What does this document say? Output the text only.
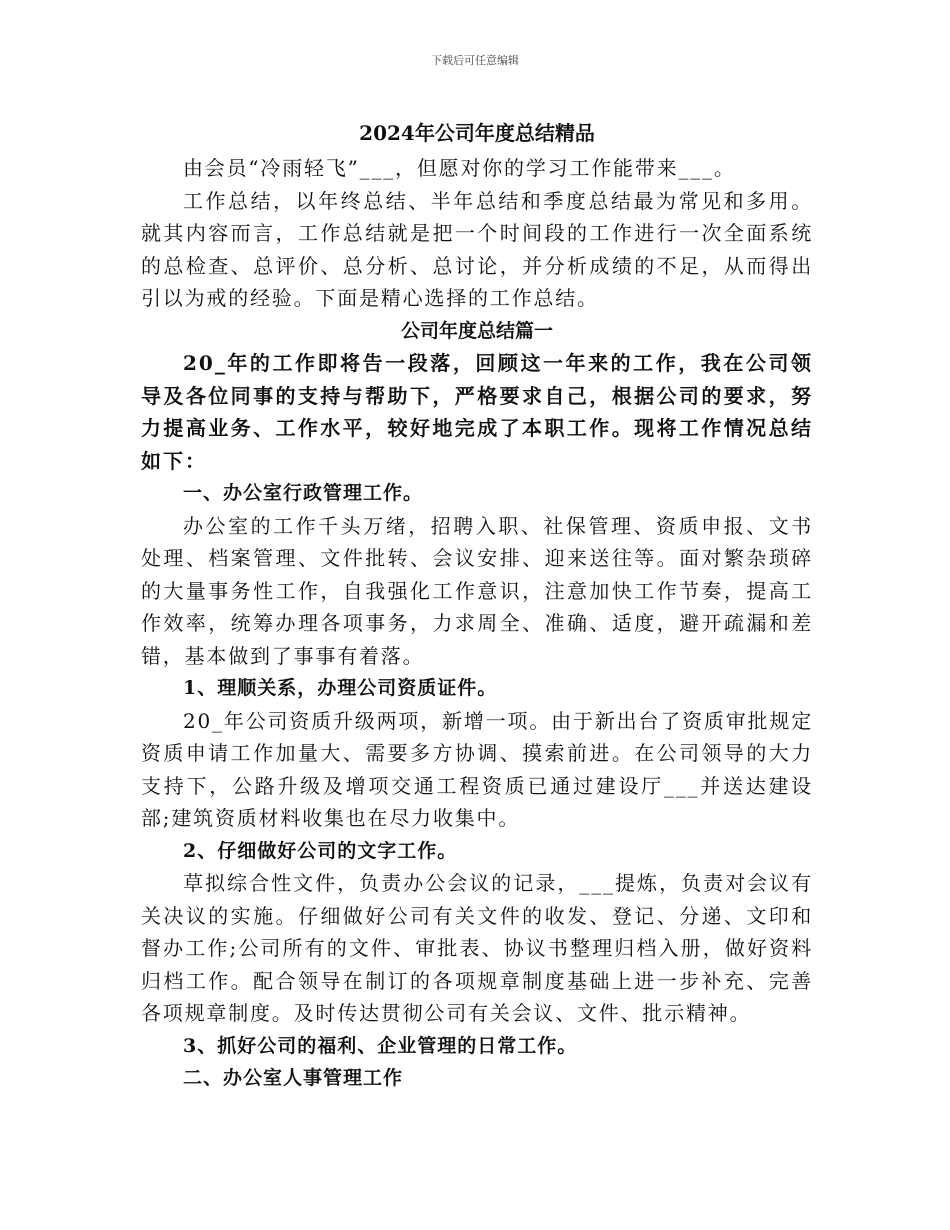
下载后可任意编辑
2024年公司年度总结精品

由会员“冷雨轻飞”___，但愿对你的学习工作能带来___。

工作总结，以年终总结、半年总结和季度总结最为常见和多用。就其内容而言，工作总结就是把一个时间段的工作进行一次全面系统的总检查、总评价、总分析、总讨论，并分析成绩的不足，从而得出引以为戒的经验。下面是精心选择的工作总结。

公司年度总结篇一

20_年的工作即将告一段落，回顾这一年来的工作，我在公司领导及各位同事的支持与帮助下，严格要求自己，根据公司的要求，努力提高业务、工作水平，较好地完成了本职工作。现将工作情况总结如下：

一、办公室行政管理工作。

办公室的工作千头万绪，招聘入职、社保管理、资质申报、文书处理、档案管理、文件批转、会议安排、迎来送往等。面对繁杂琐碎的大量事务性工作，自我强化工作意识，注意加快工作节奏，提高工作效率，统筹办理各项事务，力求周全、准确、适度，避开疏漏和差错，基本做到了事事有着落。

1、理顺关系，办理公司资质证件。

20_年公司资质升级两项，新增一项。由于新出台了资质审批规定资质申请工作加量大、需要多方协调、摸索前进。在公司领导的大力支持下，公路升级及增项交通工程资质已通过建设厅___并送达建设部;建筑资质材料收集也在尽力收集中。

2、仔细做好公司的文字工作。

草拟综合性文件，负责办公会议的记录，___提炼，负责对会议有关决议的实施。仔细做好公司有关文件的收发、登记、分递、文印和督办工作;公司所有的文件、审批表、协议书整理归档入册，做好资料归档工作。配合领导在制订的各项规章制度基础上进一步补充、完善各项规章制度。及时传达贯彻公司有关会议、文件、批示精神。

3、抓好公司的福利、企业管理的日常工作。
二、办公室人事管理工作
